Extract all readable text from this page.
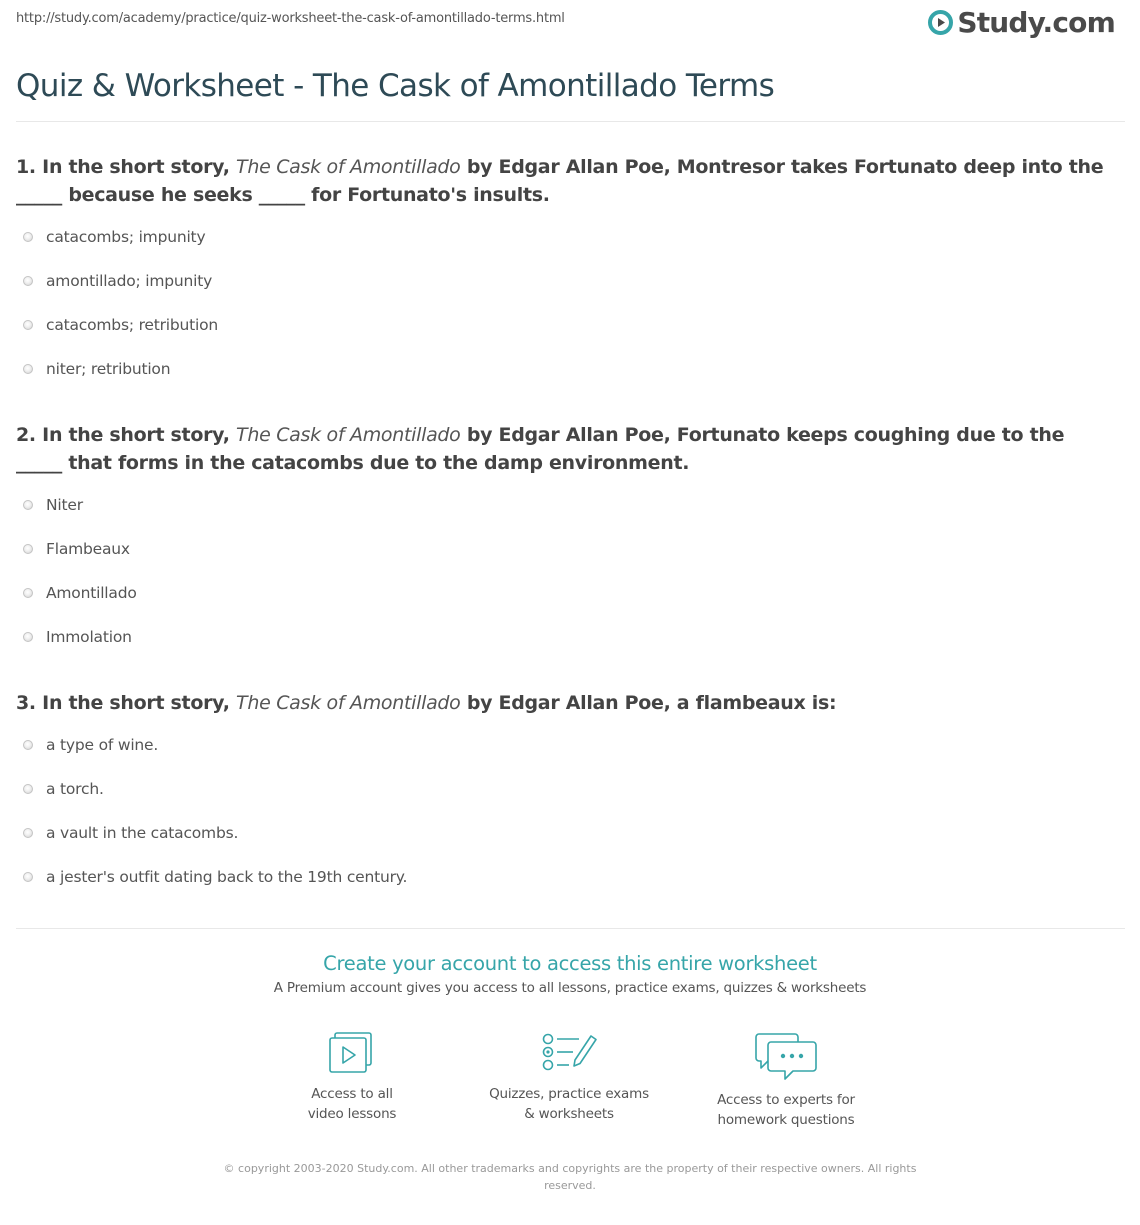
http://study.com/academy/practice/quiz-worksheet-the-cask-of-amontillado-terms.html	Study.com
Quiz & Worksheet - The Cask of Amontillado Terms

1. In the short story, The Cask of Amontillado by Edgar Allan Poe, Montresor takes Fortunato deep into the _____ because he seeks _____ for Fortunato's insults.

catacombs; impunity
amontillado; impunity
catacombs; retribution
niter; retribution

2. In the short story, The Cask of Amontillado by Edgar Allan Poe, Fortunato keeps coughing due to the _____ that forms in the catacombs due to the damp environment.

Niter
Flambeaux
Amontillado
Immolation

3. In the short story, The Cask of Amontillado by Edgar Allan Poe, a flambeaux is:

a type of wine.
a torch.
a vault in the catacombs.
a jester's outfit dating back to the 19th century.

Create your account to access this entire worksheet

A Premium account gives you access to all lessons, practice exams, quizzes & worksheets

Access to all
video lessons
Quizzes, practice exams
& worksheets
Access to experts for
homework questions
© copyright 2003-2020 Study.com. All other trademarks and copyrights are the property of their respective owners. All rights reserved.
